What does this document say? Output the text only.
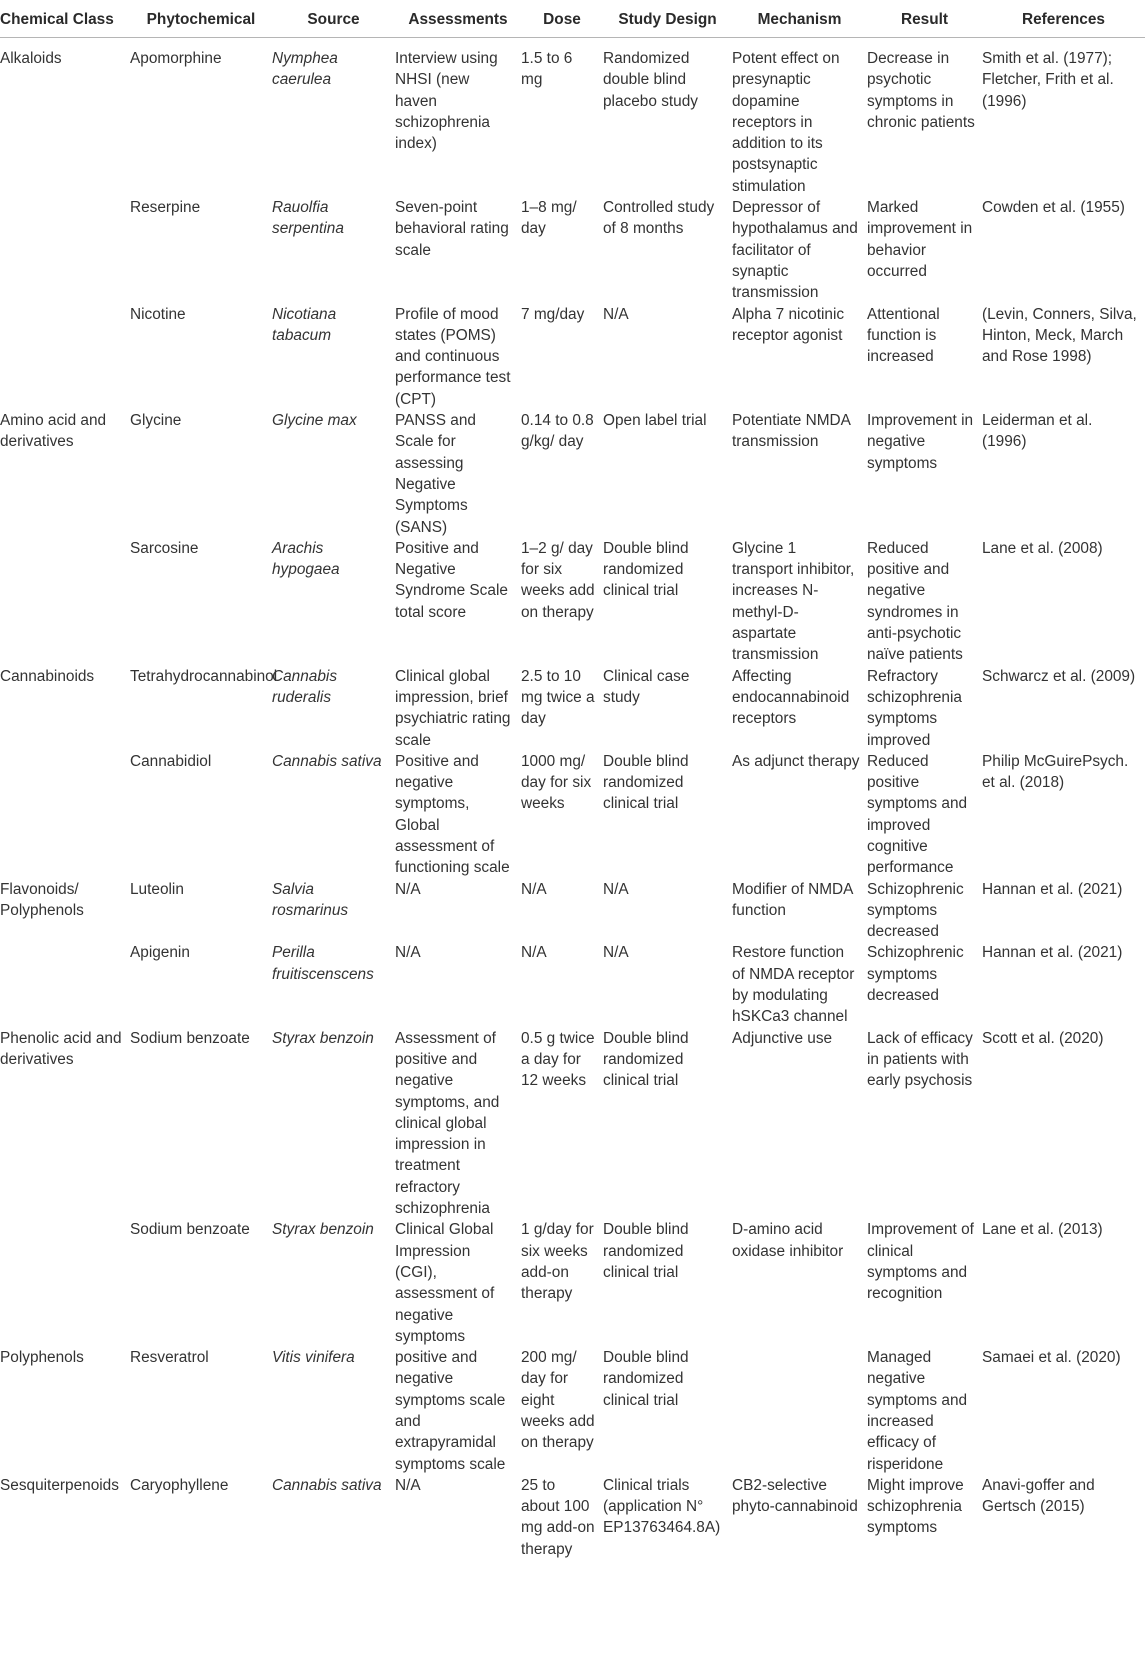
Chemical Class	Phytochemical	Source	Assessments	Dose	Study Design	Mechanism	Result	References

Alkaloids	Apomorphine	Nymphea caerulea	Interview using NHSI (new haven schizophrenia index)	1.5 to 6 mg	Randomized double blind placebo study	Potent effect on presynaptic dopamine receptors in addition to its postsynaptic stimulation	Decrease in psychotic symptoms in chronic patients	Smith et al. (1977); Fletcher, Frith et al. (1996)

	Reserpine	Rauolfia serpentina	Seven-point behavioral rating scale	1–8 mg/ day	Controlled study of 8 months	Depressor of hypothalamus and facilitator of synaptic transmission	Marked improvement in behavior occurred	Cowden et al. (1955)

	Nicotine	Nicotiana tabacum	Profile of mood states (POMS) and continuous performance test (CPT)	7 mg/day	N/A	Alpha 7 nicotinic receptor agonist	Attentional function is increased	(Levin, Conners, Silva, Hinton, Meck, March and Rose 1998)

Amino acid and derivatives	Glycine	Glycine max	PANSS and Scale for assessing Negative Symptoms (SANS)	0.14 to 0.8 g/kg/ day	Open label trial	Potentiate NMDA transmission	Improvement in negative symptoms	Leiderman et al. (1996)

	Sarcosine	Arachis hypogaea	Positive and Negative Syndrome Scale total score	1–2 g/ day for six weeks add on therapy	Double blind randomized clinical trial	Glycine 1 transport inhibitor, increases N-methyl-D-aspartate transmission	Reduced positive and negative syndromes in anti-psychotic naïve patients	Lane et al. (2008)

Cannabinoids	Tetrahydrocannabinol	Cannabis ruderalis	Clinical global impression, brief psychiatric rating scale	2.5 to 10 mg twice a day	Clinical case study	Affecting endocannabinoid receptors	Refractory schizophrenia symptoms improved	Schwarcz et al. (2009)

	Cannabidiol	Cannabis sativa	Positive and negative symptoms, Global assessment of functioning scale	1000 mg/ day for six weeks	Double blind randomized clinical trial	As adjunct therapy	Reduced positive symptoms and improved cognitive performance	Philip McGuirePsych. et al. (2018)

Flavonoids/ Polyphenols	Luteolin	Salvia rosmarinus	N/A	N/A	N/A	Modifier of NMDA function	Schizophrenic symptoms decreased	Hannan et al. (2021)

	Apigenin	Perilla fruitiscenscens	N/A	N/A	N/A	Restore function of NMDA receptor by modulating hSKCa3 channel	Schizophrenic symptoms decreased	Hannan et al. (2021)

Phenolic acid and derivatives	Sodium benzoate	Styrax benzoin	Assessment of positive and negative symptoms, and clinical global impression in treatment refractory schizophrenia	0.5 g twice a day for 12 weeks	Double blind randomized clinical trial	Adjunctive use	Lack of efficacy in patients with early psychosis	Scott et al. (2020)

	Sodium benzoate	Styrax benzoin	Clinical Global Impression (CGI), assessment of negative symptoms	1 g/day for six weeks add-on therapy	Double blind randomized clinical trial	D-amino acid oxidase inhibitor	Improvement of clinical symptoms and recognition	Lane et al. (2013)

Polyphenols	Resveratrol	Vitis vinifera	positive and negative symptoms scale and extrapyramidal symptoms scale	200 mg/ day for eight weeks add on therapy	Double blind randomized clinical trial		Managed negative symptoms and increased efficacy of risperidone	Samaei et al. (2020)

Sesquiterpenoids	Caryophyllene	Cannabis sativa	N/A	25 to about 100 mg add-on therapy	Clinical trials (application N° EP13763464.8A)	CB2-selective phyto-cannabinoid	Might improve schizophrenia symptoms	Anavi-goffer and Gertsch (2015)
